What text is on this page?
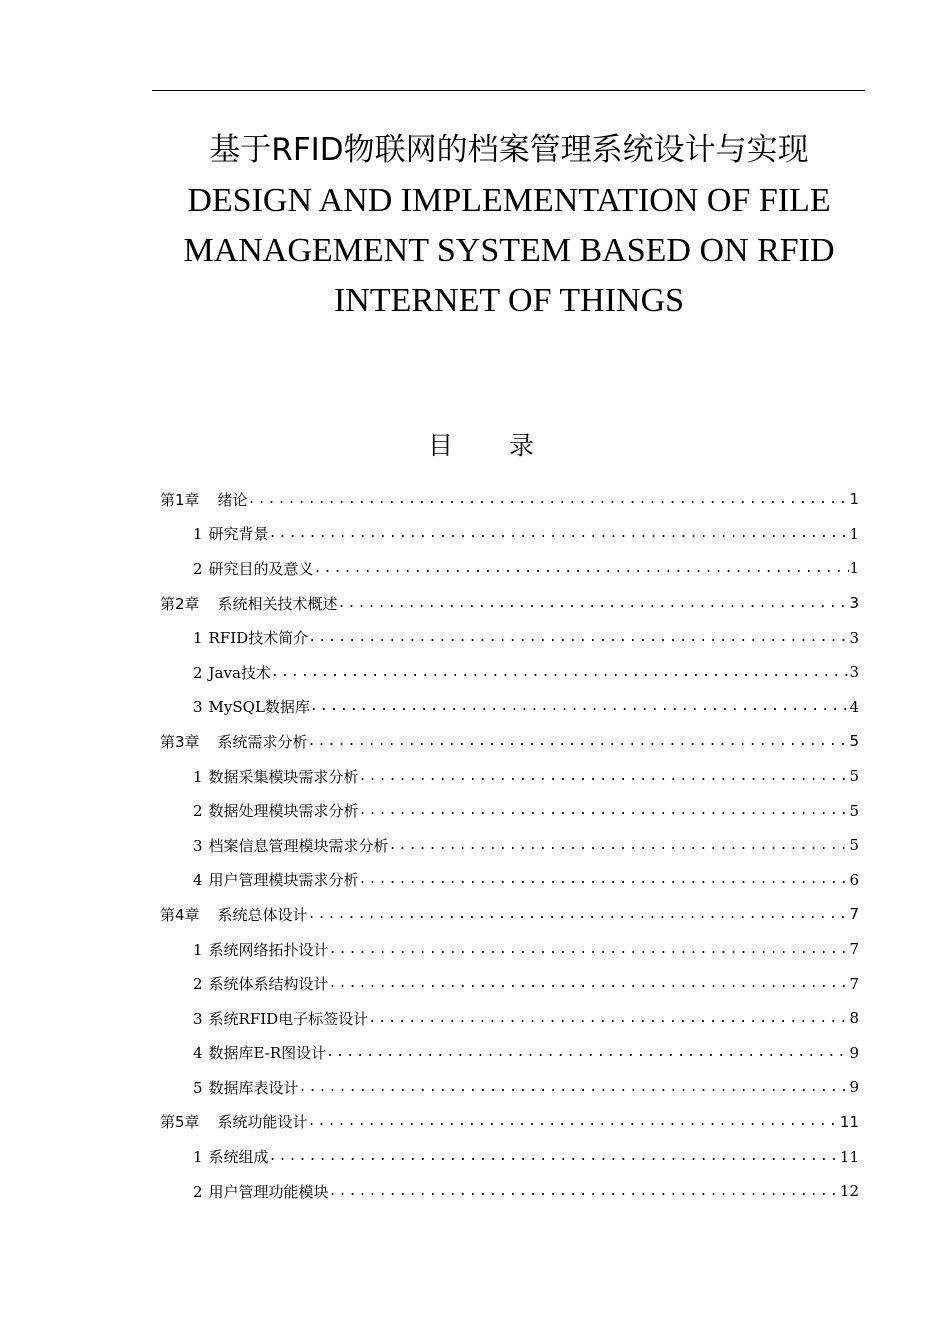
基于RFID物联网的档案管理系统设计与实现
DESIGN AND IMPLEMENTATION OF FILE
MANAGEMENT SYSTEM BASED ON RFID
INTERNET OF THINGS
目录
第1章 绪论 .....	1
1 研究背景 .....	1
2 研究目的及意义 .....	1
第2章 系统相关技术概述 .....	3
1 RFID技术简介 .....	3
2 Java技术 .....	3
3 MySQL数据库 .....	4
第3章 系统需求分析 .....	5
1 数据采集模块需求分析 .....	5
2 数据处理模块需求分析 .....	5
3 档案信息管理模块需求分析 .....	5
4 用户管理模块需求分析 .....	6
第4章 系统总体设计 .....	7
1 系统网络拓扑设计 .....	7
2 系统体系结构设计 .....	7
3 系统RFID电子标签设计 .....	8
4 数据库E-R图设计 .....	9
5 数据库表设计 .....	9
第5章 系统功能设计 .....	11
1 系统组成 .....	11
2 用户管理功能模块 .....	12
